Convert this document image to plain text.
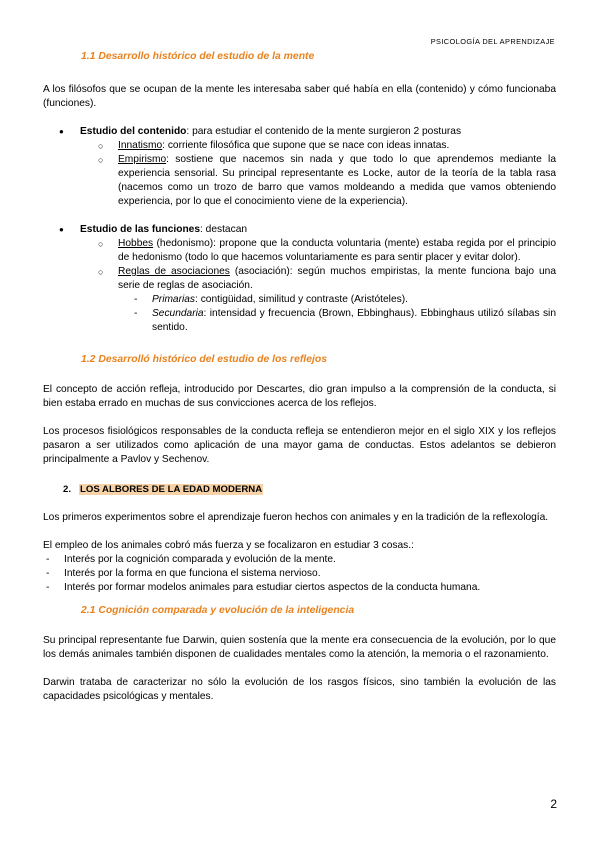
PSICOLOGÍA DEL APRENDIZAJE
1.1 Desarrollo histórico del estudio de la mente

A los filósofos que se ocupan de la mente les interesaba saber qué había en ella (contenido) y cómo funcionaba (funciones).

● Estudio del contenido: para estudiar el contenido de la mente surgieron 2 posturas
○ Innatismo: corriente filosófica que supone que se nace con ideas innatas.
○ Empirismo: sostiene que nacemos sin nada y que todo lo que aprendemos mediante la experiencia sensorial. Su principal representante es Locke, autor de la teoría de la tabla rasa (nacemos como un trozo de barro que vamos moldeando a medida que vamos obteniendo experiencia, por lo que el conocimiento viene de la experiencia).
● Estudio de las funciones: destacan
○ Hobbes (hedonismo): propone que la conducta voluntaria (mente) estaba regida por el principio de hedonismo (todo lo que hacemos voluntariamente es para sentir placer y evitar dolor).
○ Reglas de asociaciones (asociación): según muchos empiristas, la mente funciona bajo una serie de reglas de asociación.
- Primarias: contigüidad, similitud y contraste (Aristóteles).
- Secundaria: intensidad y frecuencia (Brown, Ebbinghaus). Ebbinghaus utilizó sílabas sin sentido.
1.2 Desarrolló histórico del estudio de los reflejos

El concepto de acción refleja, introducido por Descartes, dio gran impulso a la comprensión de la conducta, si bien estaba errado en muchas de sus convicciones acerca de los reflejos.

Los procesos fisiológicos responsables de la conducta refleja se entendieron mejor en el siglo XIX y los reflejos pasaron a ser utilizados como aplicación de una mayor gama de conductas. Estos adelantos se debieron principalmente a Pavlov y Sechenov.

2. LOS ALBORES DE LA EDAD MODERNA

Los primeros experimentos sobre el aprendizaje fueron hechos con animales y en la tradición de la reflexología.

El empleo de los animales cobró más fuerza y se focalizaron en estudiar 3 cosas.:

- Interés por la cognición comparada y evolución de la mente.
- Interés por la forma en que funciona el sistema nervioso.
- Interés por formar modelos animales para estudiar ciertos aspectos de la conducta humana.
2.1 Cognición comparada y evolución de la inteligencia

Su principal representante fue Darwin, quien sostenía que la mente era consecuencia de la evolución, por lo que los demás animales también disponen de cualidades mentales como la atención, la memoria o el razonamiento.

Darwin trataba de caracterizar no sólo la evolución de los rasgos físicos, sino también la evolución de las capacidades psicológicas y mentales.

2
